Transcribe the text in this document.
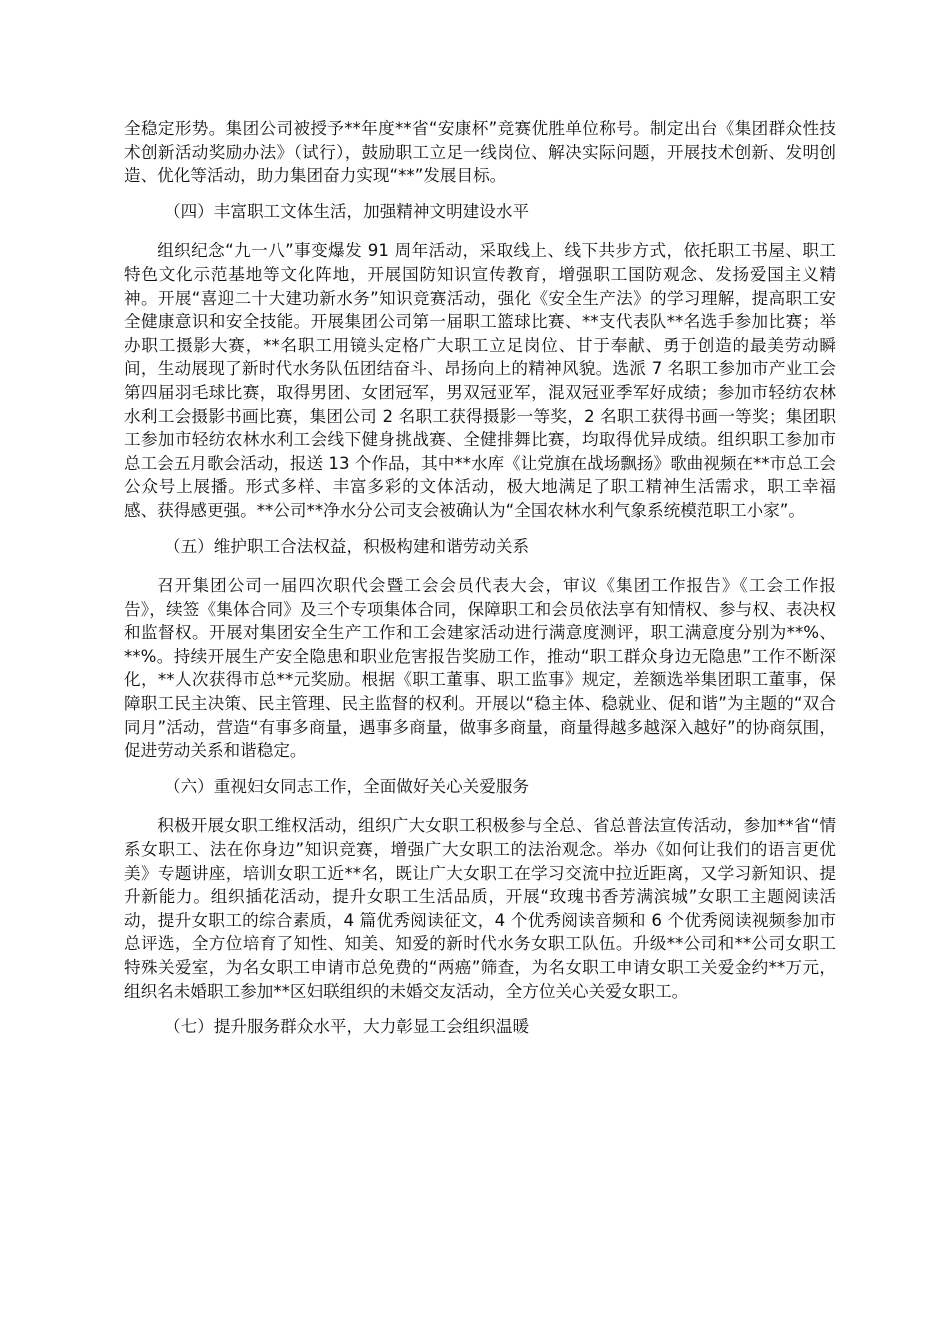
全稳定形势。集团公司被授予**年度**省“安康杯”竞赛优胜单位称号。制定出台《集团群众性技术创新活动奖励办法》（试行），鼓励职工立足一线岗位、解决实际问题，开展技术创新、发明创造、优化等活动，助力集团奋力实现“**”发展目标。

（四）丰富职工文体生活，加强精神文明建设水平

组织纪念“九一八”事变爆发 91 周年活动，采取线上、线下共步方式，依托职工书屋、职工特色文化示范基地等文化阵地，开展国防知识宣传教育，增强职工国防观念、发扬爱国主义精神。开展“喜迎二十大建功新水务”知识竞赛活动，强化《安全生产法》的学习理解，提高职工安全健康意识和安全技能。开展集团公司第一届职工篮球比赛、**支代表队**名选手参加比赛；举办职工摄影大赛，**名职工用镜头定格广大职工立足岗位、甘于奉献、勇于创造的最美劳动瞬间，生动展现了新时代水务队伍团结奋斗、昂扬向上的精神风貌。选派 7 名职工参加市产业工会第四届羽毛球比赛，取得男团、女团冠军，男双冠亚军，混双冠亚季军好成绩；参加市轻纺农林水利工会摄影书画比赛，集团公司 2 名职工获得摄影一等奖，2 名职工获得书画一等奖；集团职工参加市轻纺农林水利工会线下健身挑战赛、全健排舞比赛，均取得优异成绩。组织职工参加市总工会五月歌会活动，报送 13 个作品，其中**水库《让党旗在战场飘扬》歌曲视频在**市总工会公众号上展播。形式多样、丰富多彩的文体活动，极大地满足了职工精神生活需求，职工幸福感、获得感更强。**公司**净水分公司支会被确认为“全国农林水利气象系统模范职工小家”。

（五）维护职工合法权益，积极构建和谐劳动关系

召开集团公司一届四次职代会暨工会会员代表大会，审议《集团工作报告》《工会工作报告》，续签《集体合同》及三个专项集体合同，保障职工和会员依法享有知情权、参与权、表决权和监督权。开展对集团安全生产工作和工会建家活动进行满意度测评，职工满意度分别为**%、**%。持续开展生产安全隐患和职业危害报告奖励工作，推动“职工群众身边无隐患”工作不断深化，**人次获得市总**元奖励。根据《职工董事、职工监事》规定，差额选举集团职工董事，保障职工民主决策、民主管理、民主监督的权利。开展以“稳主体、稳就业、促和谐”为主题的“双合同月”活动，营造“有事多商量，遇事多商量，做事多商量，商量得越多越深入越好”的协商氛围，促进劳动关系和谐稳定。

（六）重视妇女同志工作，全面做好关心关爱服务

积极开展女职工维权活动，组织广大女职工积极参与全总、省总普法宣传活动，参加**省“情系女职工、法在你身边”知识竞赛，增强广大女职工的法治观念。举办《如何让我们的语言更优美》专题讲座，培训女职工近**名，既让广大女职工在学习交流中拉近距离，又学习新知识、提升新能力。组织插花活动，提升女职工生活品质，开展“玫瑰书香芳满滨城”女职工主题阅读活动，提升女职工的综合素质，4 篇优秀阅读征文，4 个优秀阅读音频和 6 个优秀阅读视频参加市总评选，全方位培育了知性、知美、知爱的新时代水务女职工队伍。升级**公司和**公司女职工特殊关爱室，为名女职工申请市总免费的“两癌”筛查，为名女职工申请女职工关爱金约**万元，组织名未婚职工参加**区妇联组织的未婚交友活动，全方位关心关爱女职工。

（七）提升服务群众水平，大力彰显工会组织温暖
